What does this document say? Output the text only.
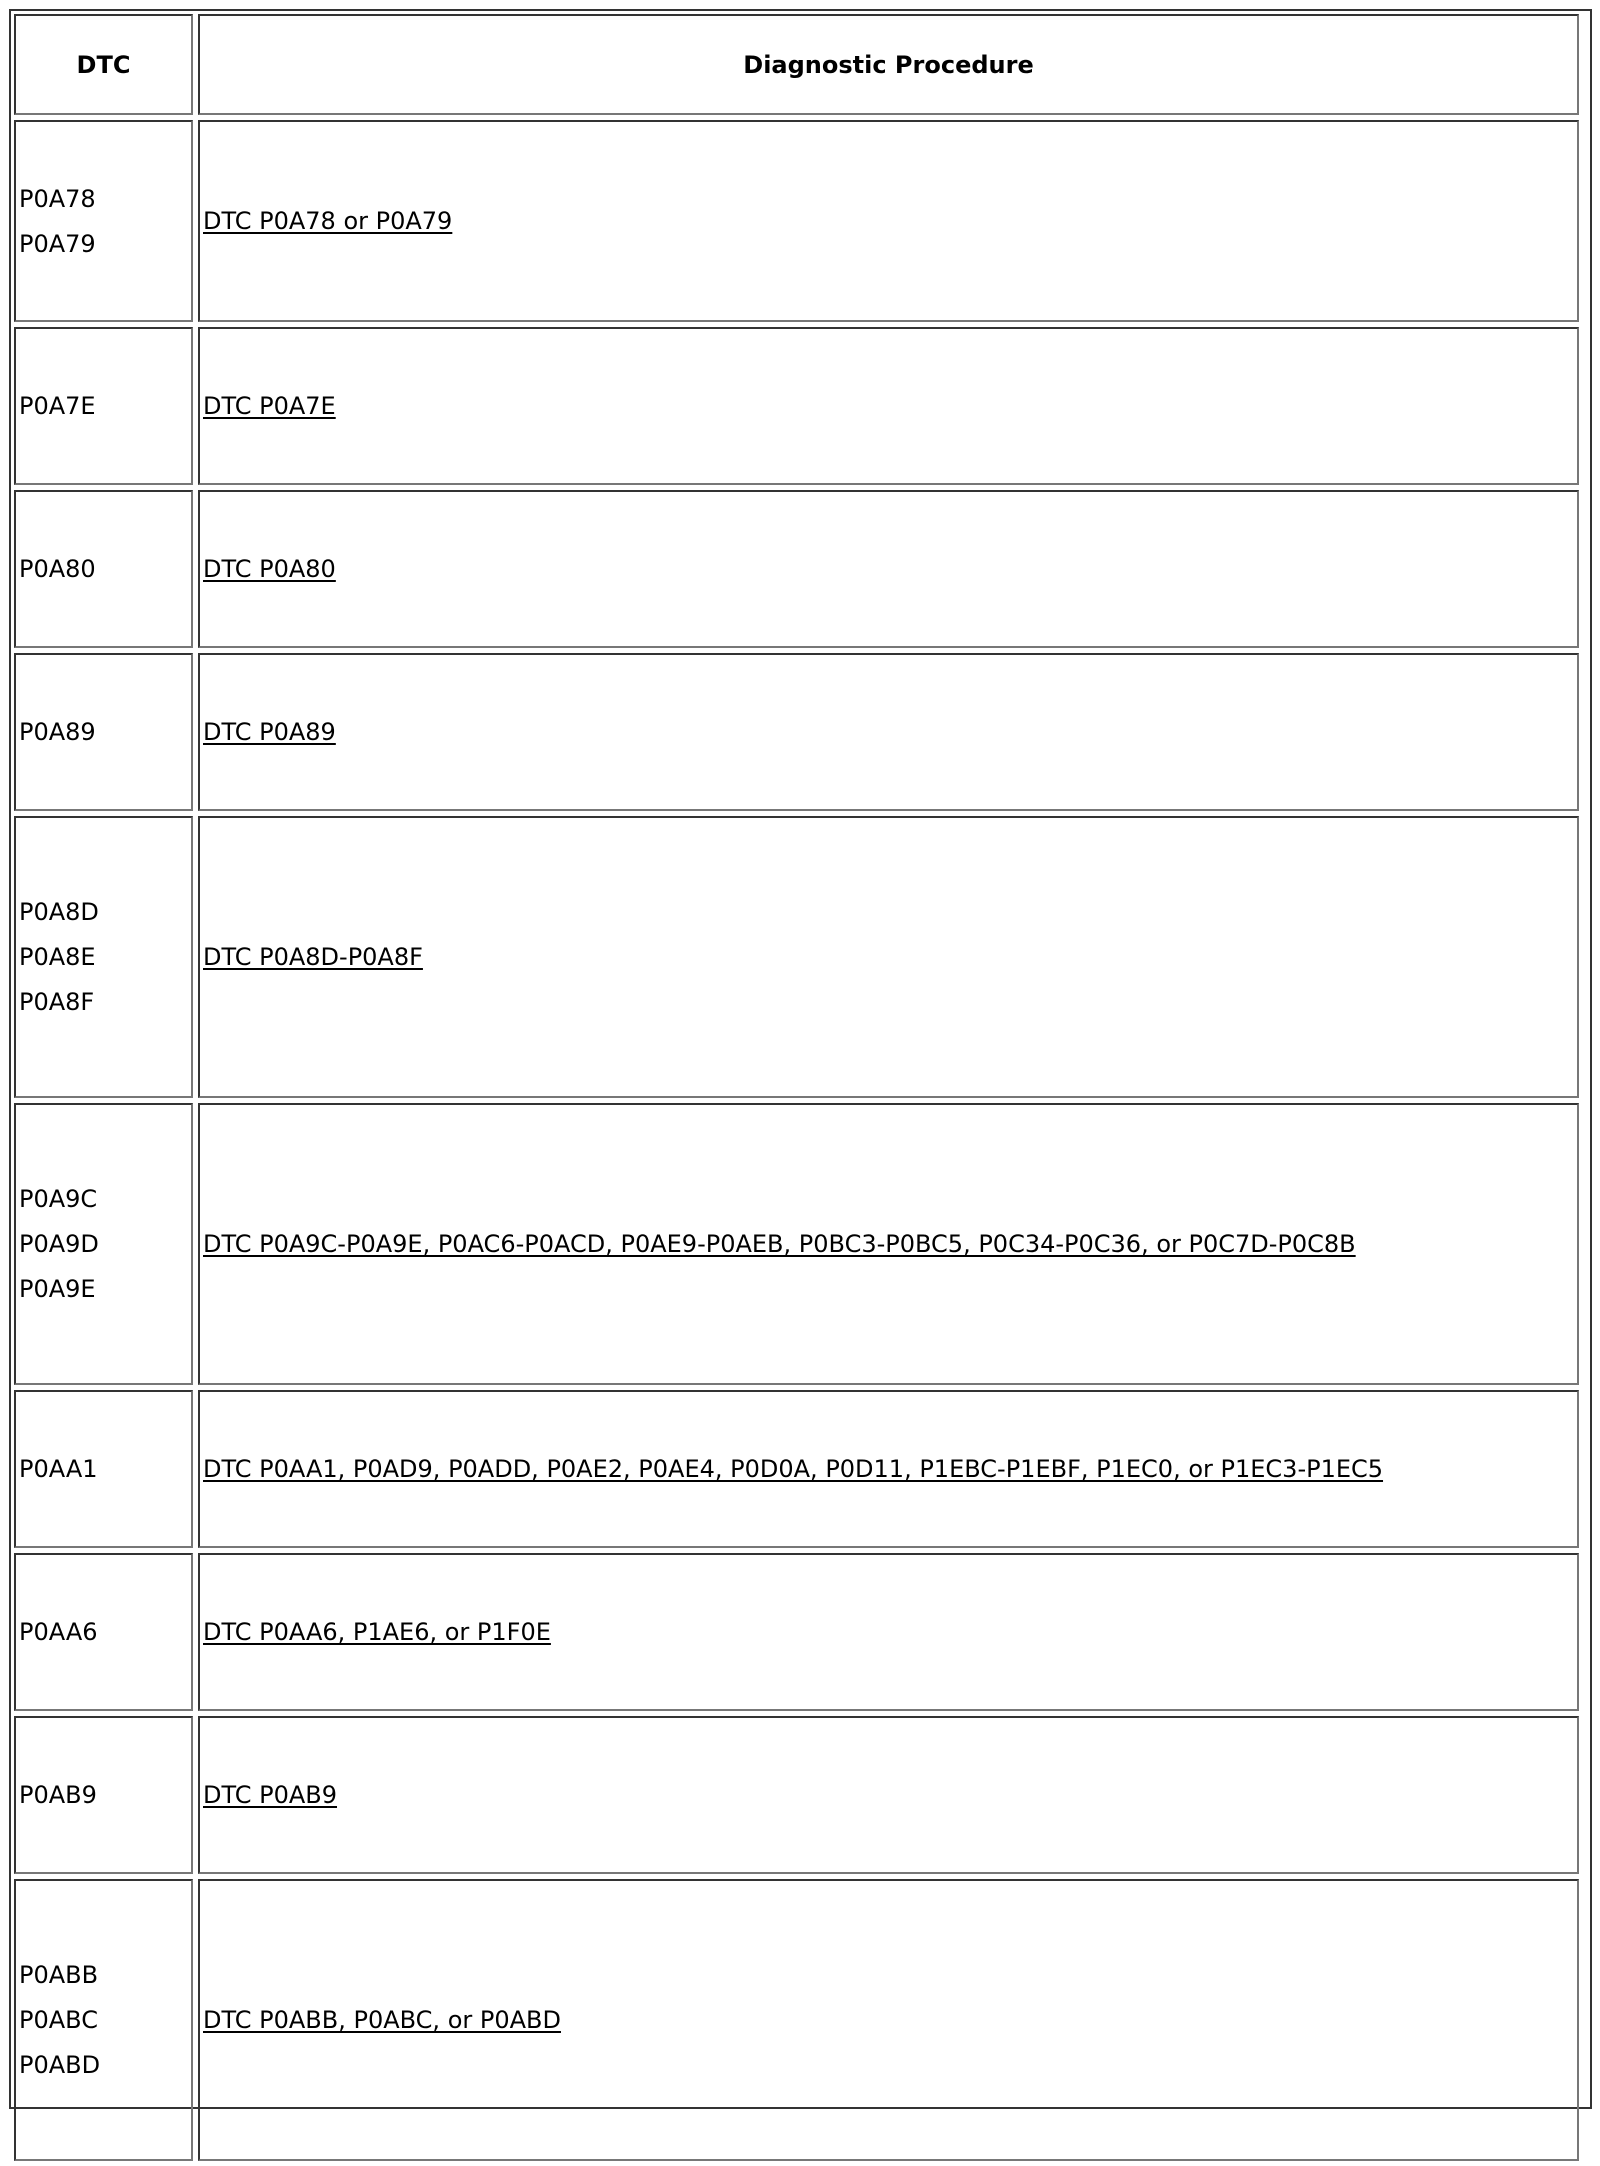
DTC	Diagnostic Procedure

P0A78
P0A79	DTC P0A78 or P0A79

P0A7E	DTC P0A7E

P0A80	DTC P0A80

P0A89	DTC P0A89

P0A8D
P0A8E
P0A8F	DTC P0A8D-P0A8F

P0A9C
P0A9D
P0A9E	DTC P0A9C-P0A9E, P0AC6-P0ACD, P0AE9-P0AEB, P0BC3-P0BC5, P0C34-P0C36, or P0C7D-P0C8B

P0AA1	DTC P0AA1, P0AD9, P0ADD, P0AE2, P0AE4, P0D0A, P0D11, P1EBC-P1EBF, P1EC0, or P1EC3-P1EC5

P0AA6	DTC P0AA6, P1AE6, or P1F0E

P0AB9	DTC P0AB9

P0ABB
P0ABC
P0ABD	DTC P0ABB, P0ABC, or P0ABD
